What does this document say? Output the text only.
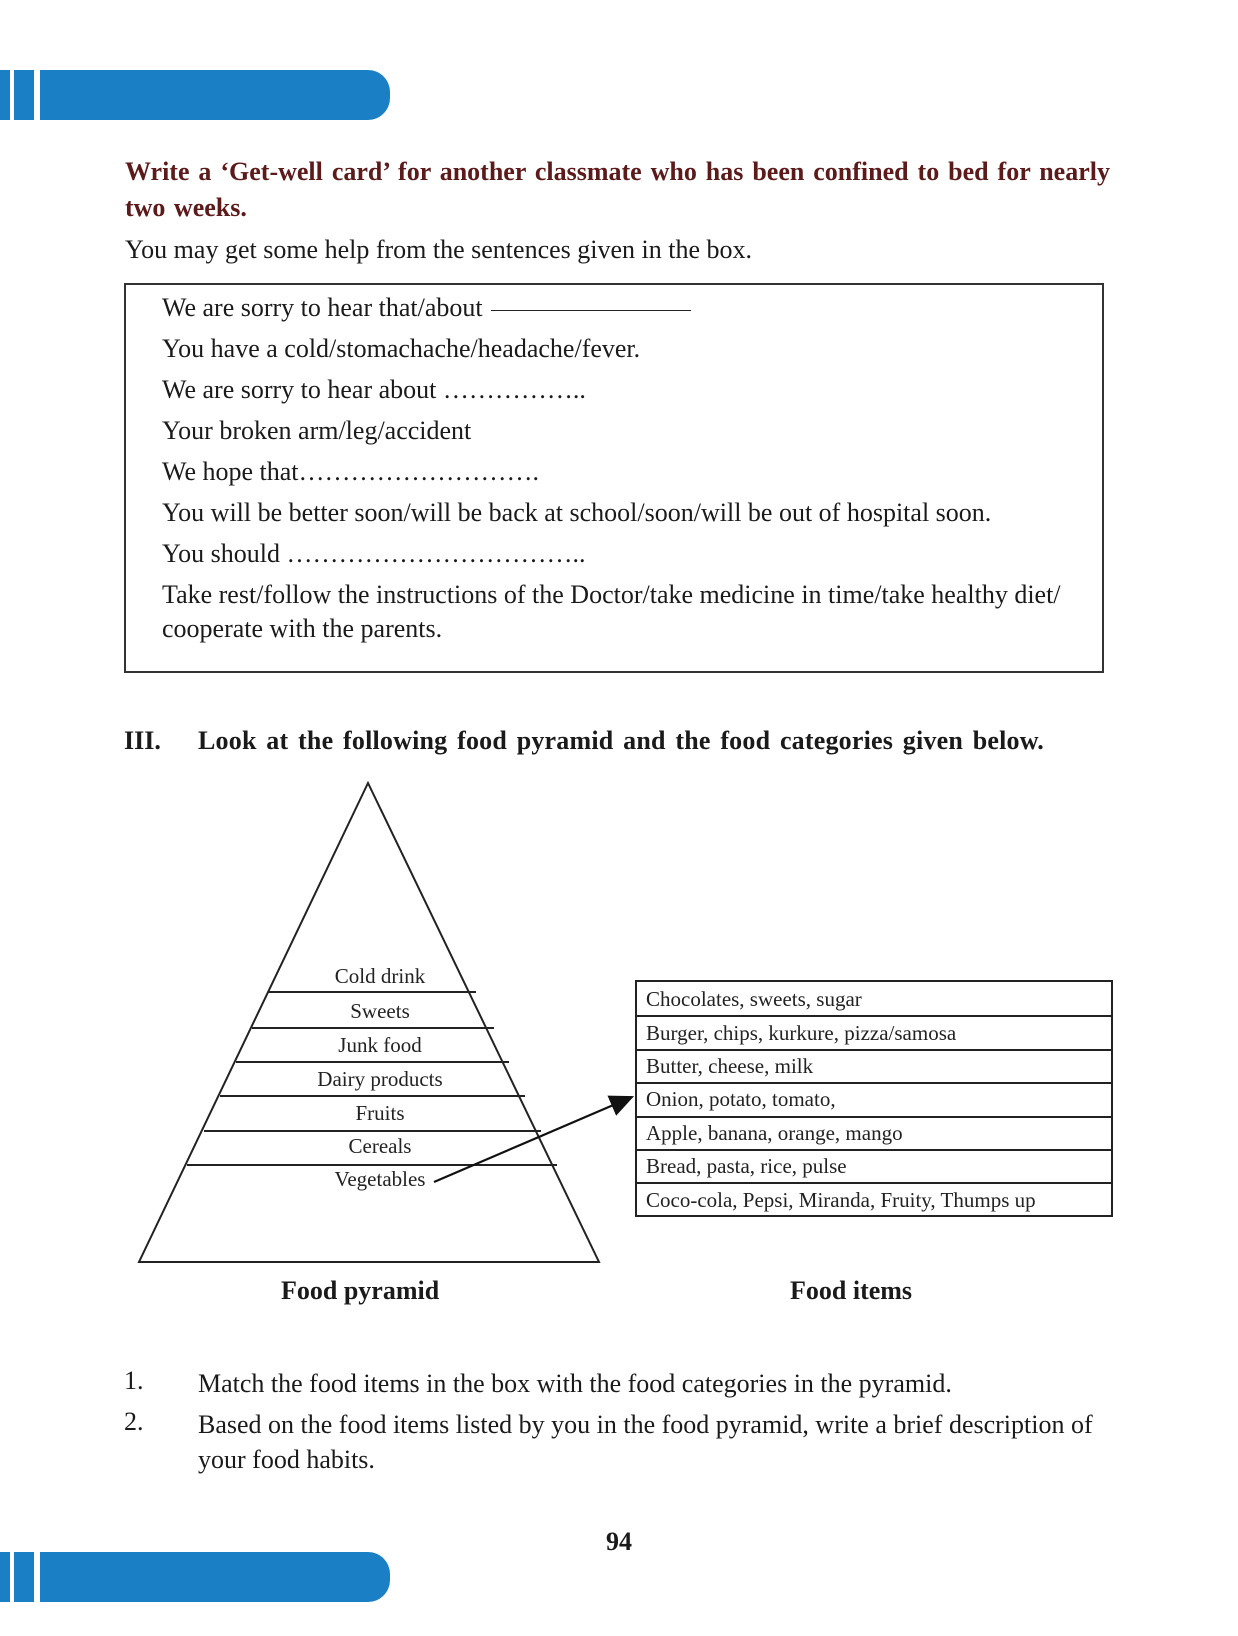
Write a ‘Get-well card’ for another classmate who has been confined to bed for nearly two weeks.
You may get some help from the sentences given in the box.
We are sorry to hear that/about
You have a cold/stomachache/headache/fever.
We are sorry to hear about ……………..
Your broken arm/leg/accident
We hope that……………………….
You will be better soon/will be back at school/soon/will be out of hospital soon.
You should ……………………………..
Take rest/follow the instructions of the Doctor/take medicine in time/take healthy diet/ cooperate with the parents.
III. Look at the following food pyramid and the food categories given below.
Cold drink
Sweets
Junk food
Dairy products
Fruits
Cereals
Vegetables
Chocolates, sweets, sugar
Burger, chips, kurkure, pizza/samosa
Butter, cheese, milk
Onion, potato, tomato,
Apple, banana, orange, mango
Bread, pasta, rice, pulse
Coco-cola, Pepsi, Miranda, Fruity, Thumps up
Food pyramid	Food items
1. Match the food items in the box with the food categories in the pyramid.
2. Based on the food items listed by you in the food pyramid, write a brief description of your food habits.
94
